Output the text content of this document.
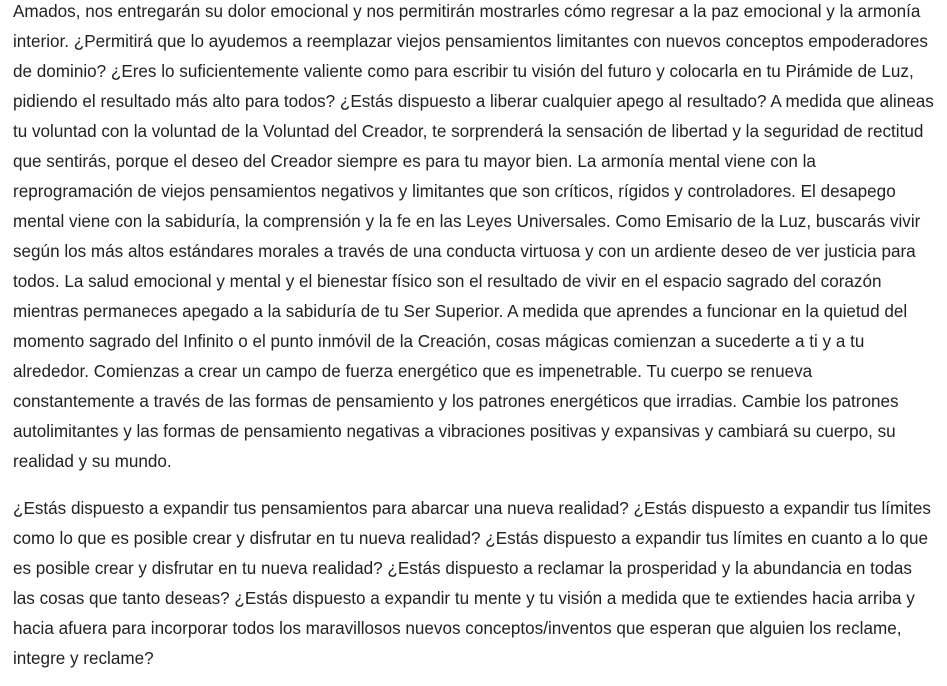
Amados, nos entregarán su dolor emocional y nos permitirán mostrarles cómo regresar a la paz emocional y la armonía interior. ¿Permitirá que lo ayudemos a reemplazar viejos pensamientos limitantes con nuevos conceptos empoderadores de dominio? ¿Eres lo suficientemente valiente como para escribir tu visión del futuro y colocarla en tu Pirámide de Luz, pidiendo el resultado más alto para todos? ¿Estás dispuesto a liberar cualquier apego al resultado? A medida que alineas tu voluntad con la voluntad de la Voluntad del Creador, te sorprenderá la sensación de libertad y la seguridad de rectitud que sentirás, porque el deseo del Creador siempre es para tu mayor bien. La armonía mental viene con la reprogramación de viejos pensamientos negativos y limitantes que son críticos, rígidos y controladores. El desapego mental viene con la sabiduría, la comprensión y la fe en las Leyes Universales. Como Emisario de la Luz, buscarás vivir según los más altos estándares morales a través de una conducta virtuosa y con un ardiente deseo de ver justicia para todos. La salud emocional y mental y el bienestar físico son el resultado de vivir en el espacio sagrado del corazón mientras permaneces apegado a la sabiduría de tu Ser Superior. A medida que aprendes a funcionar en la quietud del momento sagrado del Infinito o el punto inmóvil de la Creación, cosas mágicas comienzan a sucederte a ti y a tu alrededor. Comienzas a crear un campo de fuerza energético que es impenetrable. Tu cuerpo se renueva constantemente a través de las formas de pensamiento y los patrones energéticos que irradias. Cambie los patrones autolimitantes y las formas de pensamiento negativas a vibraciones positivas y expansivas y cambiará su cuerpo, su realidad y su mundo.

¿Estás dispuesto a expandir tus pensamientos para abarcar una nueva realidad? ¿Estás dispuesto a expandir tus límites como lo que es posible crear y disfrutar en tu nueva realidad? ¿Estás dispuesto a expandir tus límites en cuanto a lo que es posible crear y disfrutar en tu nueva realidad? ¿Estás dispuesto a reclamar la prosperidad y la abundancia en todas las cosas que tanto deseas? ¿Estás dispuesto a expandir tu mente y tu visión a medida que te extiendes hacia arriba y hacia afuera para incorporar todos los maravillosos nuevos conceptos/inventos que esperan que alguien los reclame, integre y reclame?
